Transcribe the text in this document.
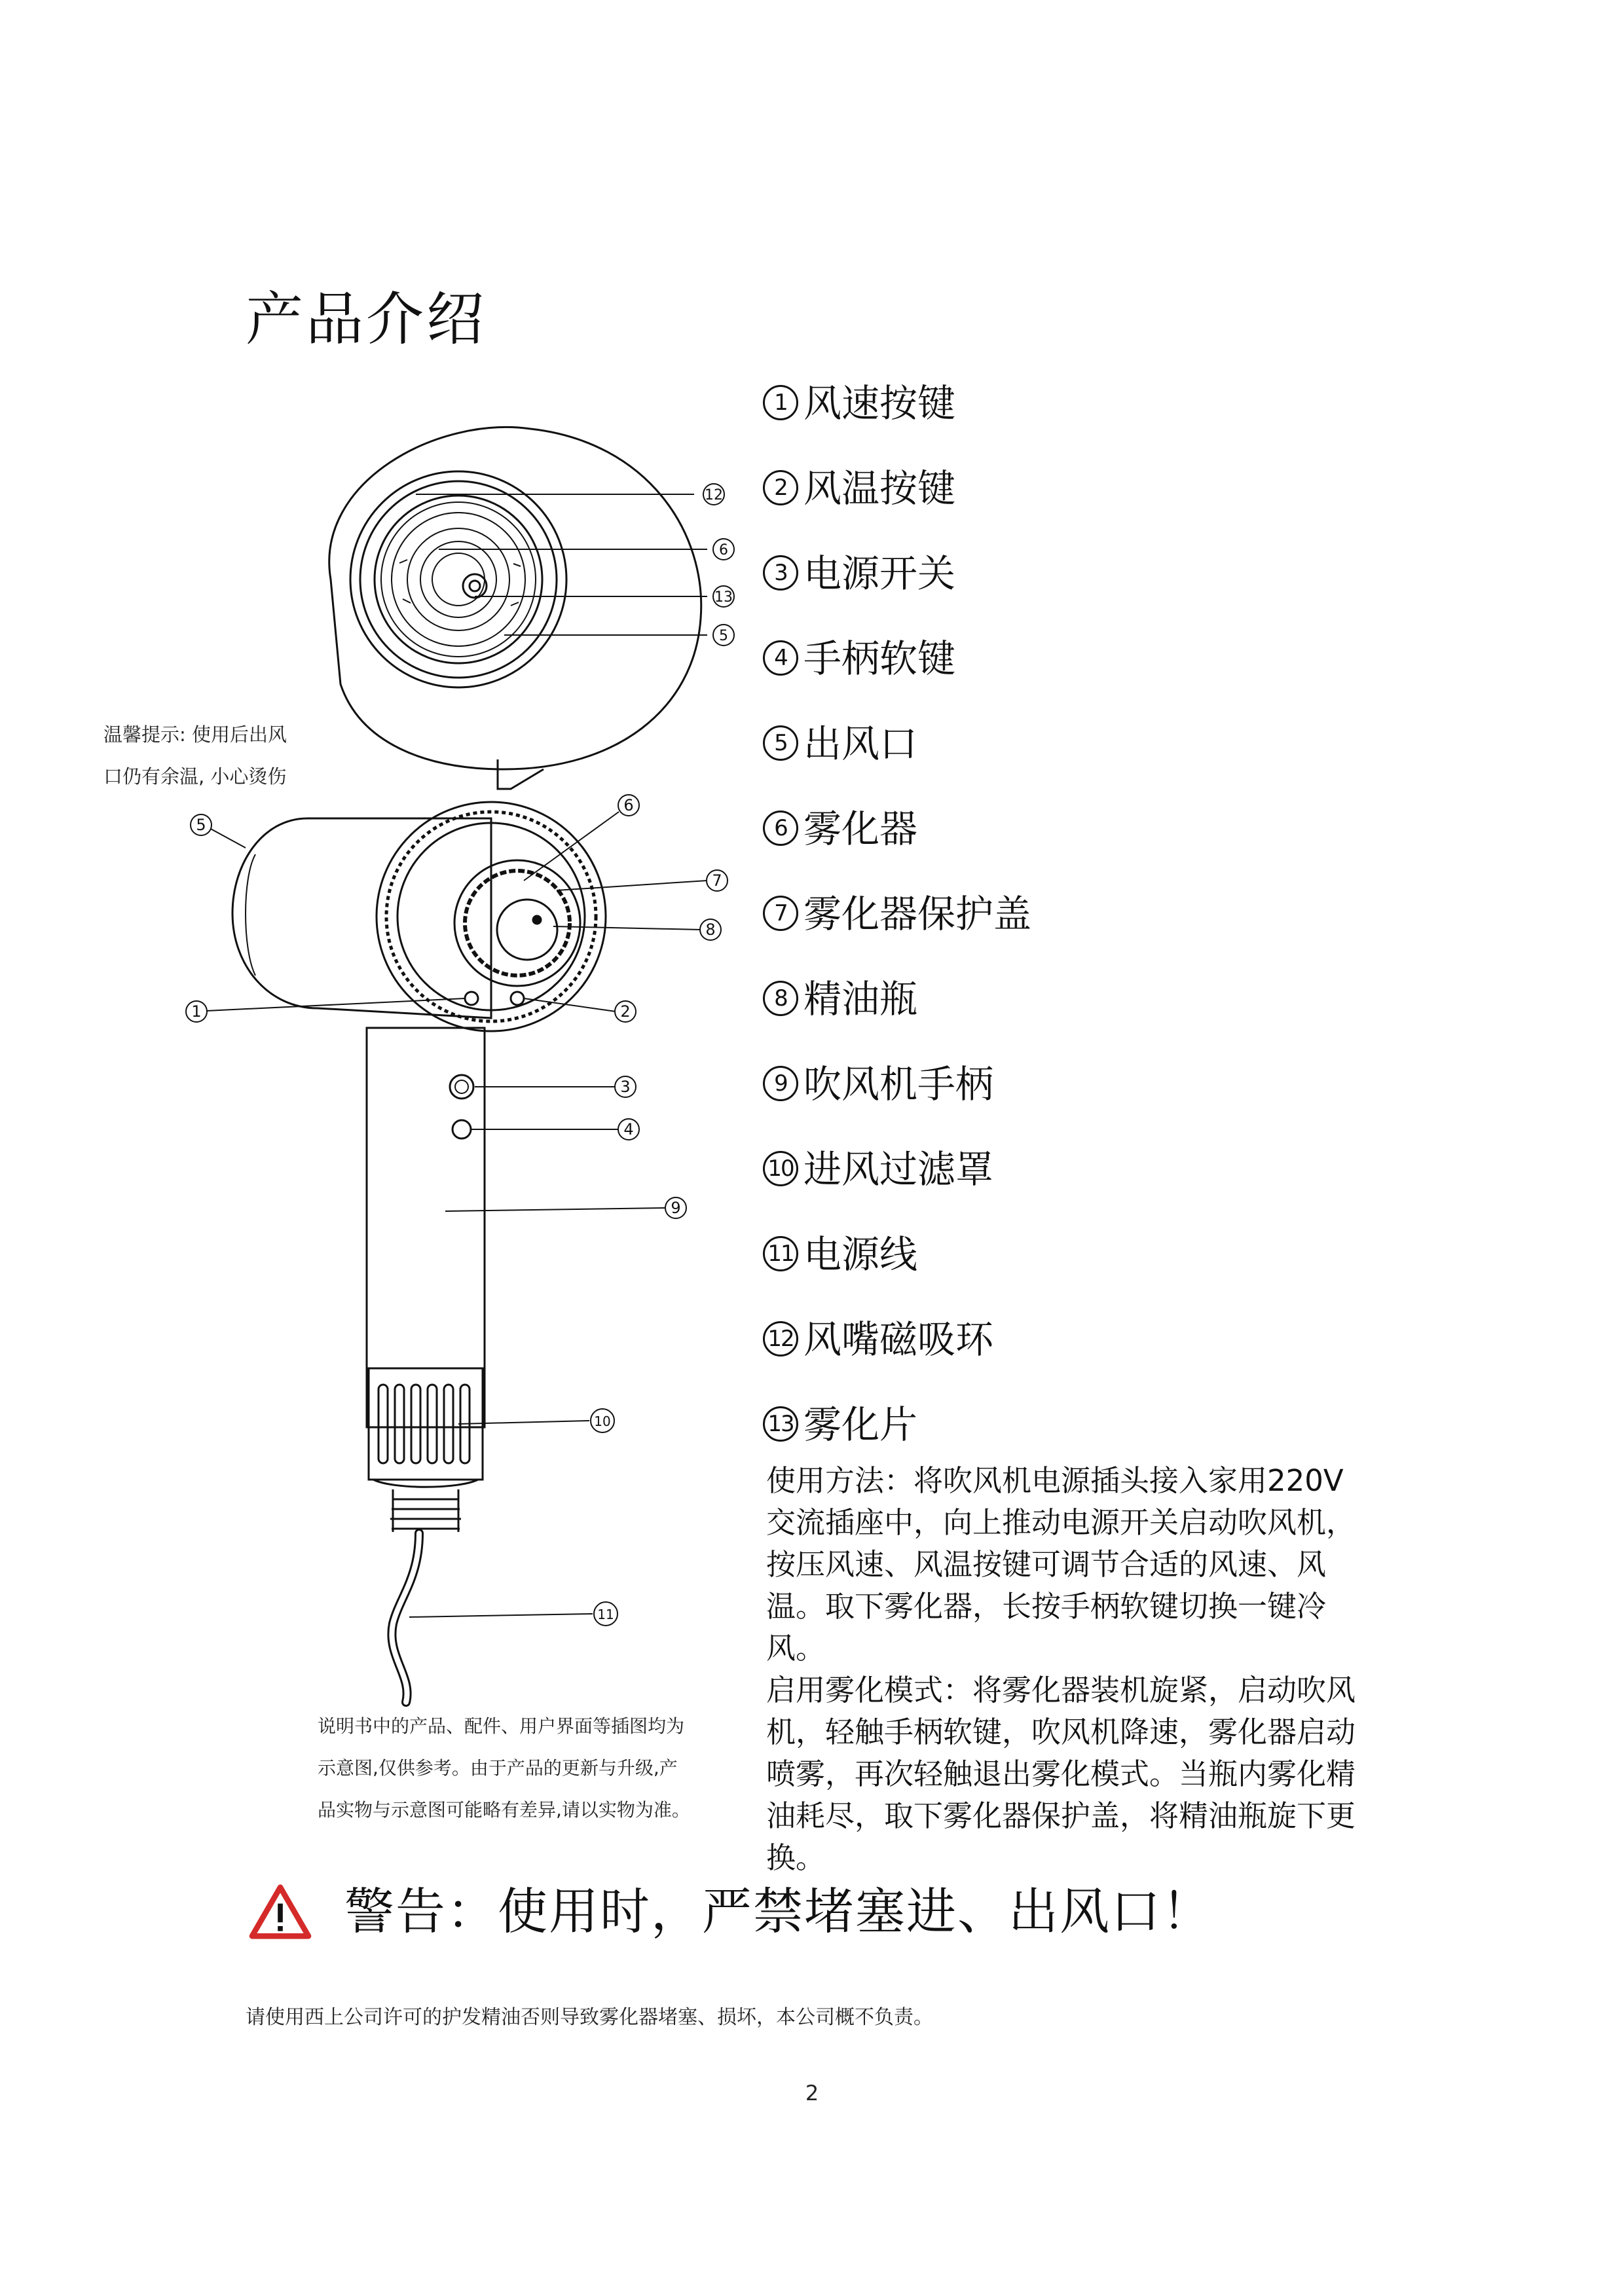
产品介绍
12
6
13
5
温馨提示: 使用后出风
口仍有余温, 小心烫伤
6
7
8
5
1	2
3
4
9
10
11
1 风速按键
2 风温按键
3 电源开关
4 手柄软键
5 出风口
6 雾化器
7 雾化器保护盖
8 精油瓶
9 吹风机手柄
10 进风过滤罩
11 电源线
12 风嘴磁吸环
13 雾化片

使用方法：将吹风机电源插头接入家用220V 交流插座中，向上推动电源开关启动吹风机，按压风速、风温按键可调节合适的风速、风温。取下雾化器，长按手柄软键切换一键冷风。

启用雾化模式：将雾化器装机旋紧，启动吹风机，轻触手柄软键，吹风机降速，雾化器启动喷雾，再次轻触退出雾化模式。当瓶内雾化精油耗尽，取下雾化器保护盖，将精油瓶旋下更换。

说明书中的产品、配件、用户界面等插图均为
示意图,仅供参考。由于产品的更新与升级,产
品实物与示意图可能略有差异,请以实物为准。
警告：使用时，严禁堵塞进、出风口！
请使用西上公司许可的护发精油否则导致雾化器堵塞、损坏，本公司概不负责。
2
